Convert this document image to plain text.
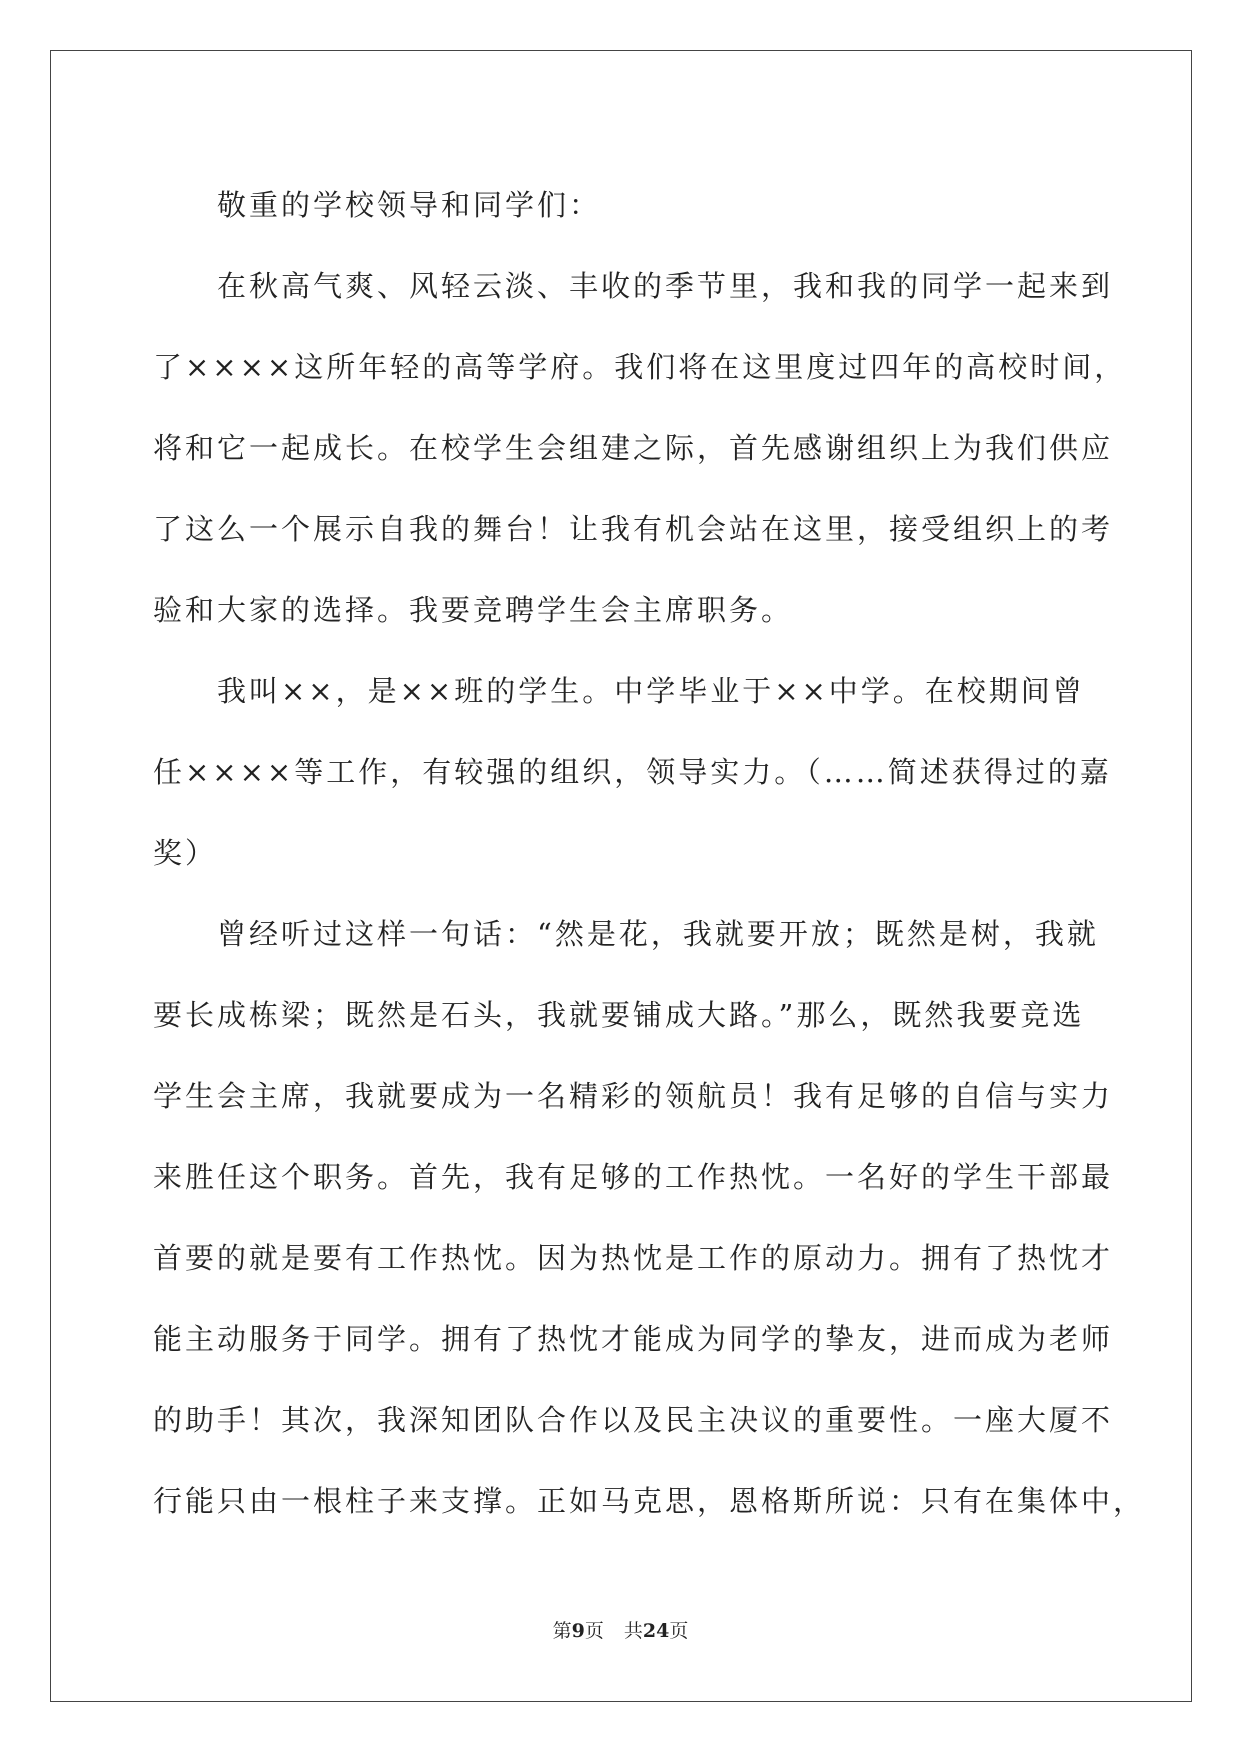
敬重的学校领导和同学们：
在秋高气爽、风轻云淡、丰收的季节里，我和我的同学一起来到
了××××这所年轻的高等学府。我们将在这里度过四年的高校时间，
将和它一起成长。在校学生会组建之际，首先感谢组织上为我们供应
了这么一个展示自我的舞台！让我有机会站在这里，接受组织上的考
验和大家的选择。我要竞聘学生会主席职务。
我叫××，是××班的学生。中学毕业于××中学。在校期间曾
任××××等工作，有较强的组织，领导实力。（……简述获得过的嘉
奖）
曾经听过这样一句话：“然是花，我就要开放；既然是树，我就
要长成栋梁；既然是石头，我就要铺成大路。”那么，既然我要竞选
学生会主席，我就要成为一名精彩的领航员！我有足够的自信与实力
来胜任这个职务。首先，我有足够的工作热忱。一名好的学生干部最
首要的就是要有工作热忱。因为热忱是工作的原动力。拥有了热忱才
能主动服务于同学。拥有了热忱才能成为同学的挚友，进而成为老师
的助手！其次，我深知团队合作以及民主决议的重要性。一座大厦不
行能只由一根柱子来支撑。正如马克思，恩格斯所说：只有在集体中，
第9页 共24页
